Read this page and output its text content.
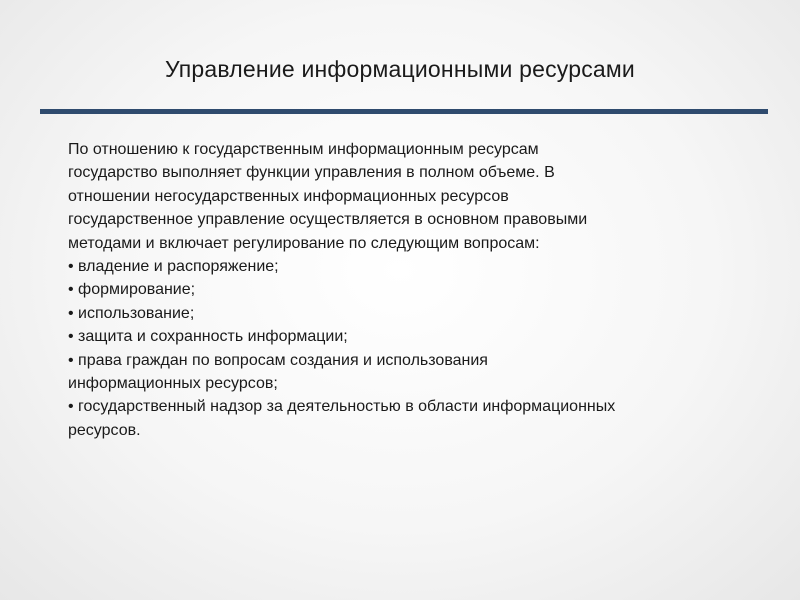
Управление информационными ресурсами
По отношению к государственным информационным ресурсам
государство выполняет функции управления в полном объеме. В
отношении негосударственных информационных ресурсов
государственное управление осуществляется в основном правовыми
методами и включает регулирование по следующим вопросам:
• владение и распоряжение;
• формирование;
• использование;
• защита и сохранность информации;
• права граждан по вопросам создания и использования
информационных ресурсов;
• государственный надзор за деятельностью в области информационных
ресурсов.
